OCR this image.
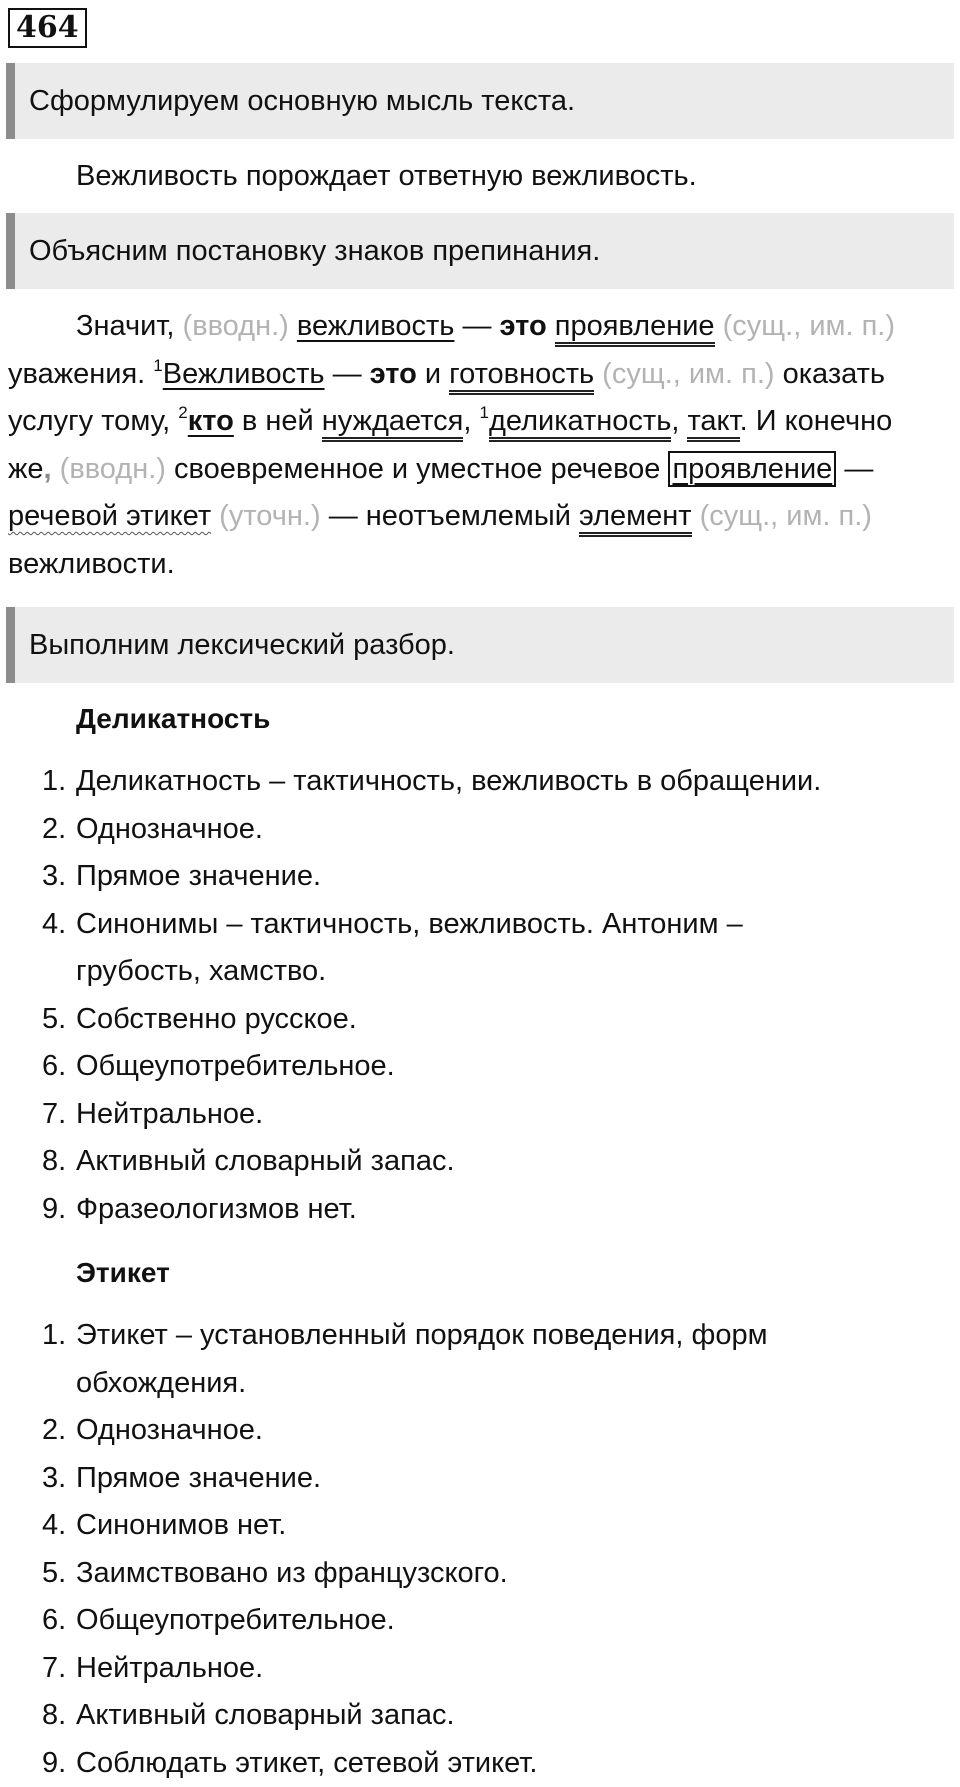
464
Сформулируем основную мысль текста.
Вежливость порождает ответную вежливость.
Объясним постановку знаков препинания.
Значит, (вводн.) вежливость — это проявление (сущ., им. п.) уважения. $^1$Вежливость — это и готовность (сущ., им. п.) оказать услугу тому, $^2$кто в ней нуждается, $^1$деликатность, такт. И конечно же, (вводн.) своевременное и уместное речевое проявление — речевой этикет (уточн.) — неотъемлемый элемент (сущ., им. п.) вежливости.
Выполним лексический разбор.
Деликатность
1. Деликатность – тактичность, вежливость в обращении.
2. Однозначное.
3. Прямое значение.
4. Синонимы – тактичность, вежливость. Антоним – грубость, хамство.
5. Собственно русское.
6. Общеупотребительное.
7. Нейтральное.
8. Активный словарный запас.
9. Фразеологизмов нет.
Этикет
1. Этикет – установленный порядок поведения, форм обхождения.
2. Однозначное.
3. Прямое значение.
4. Синонимов нет.
5. Заимствовано из французского.
6. Общеупотребительное.
7. Нейтральное.
8. Активный словарный запас.
9. Соблюдать этикет, сетевой этикет.
